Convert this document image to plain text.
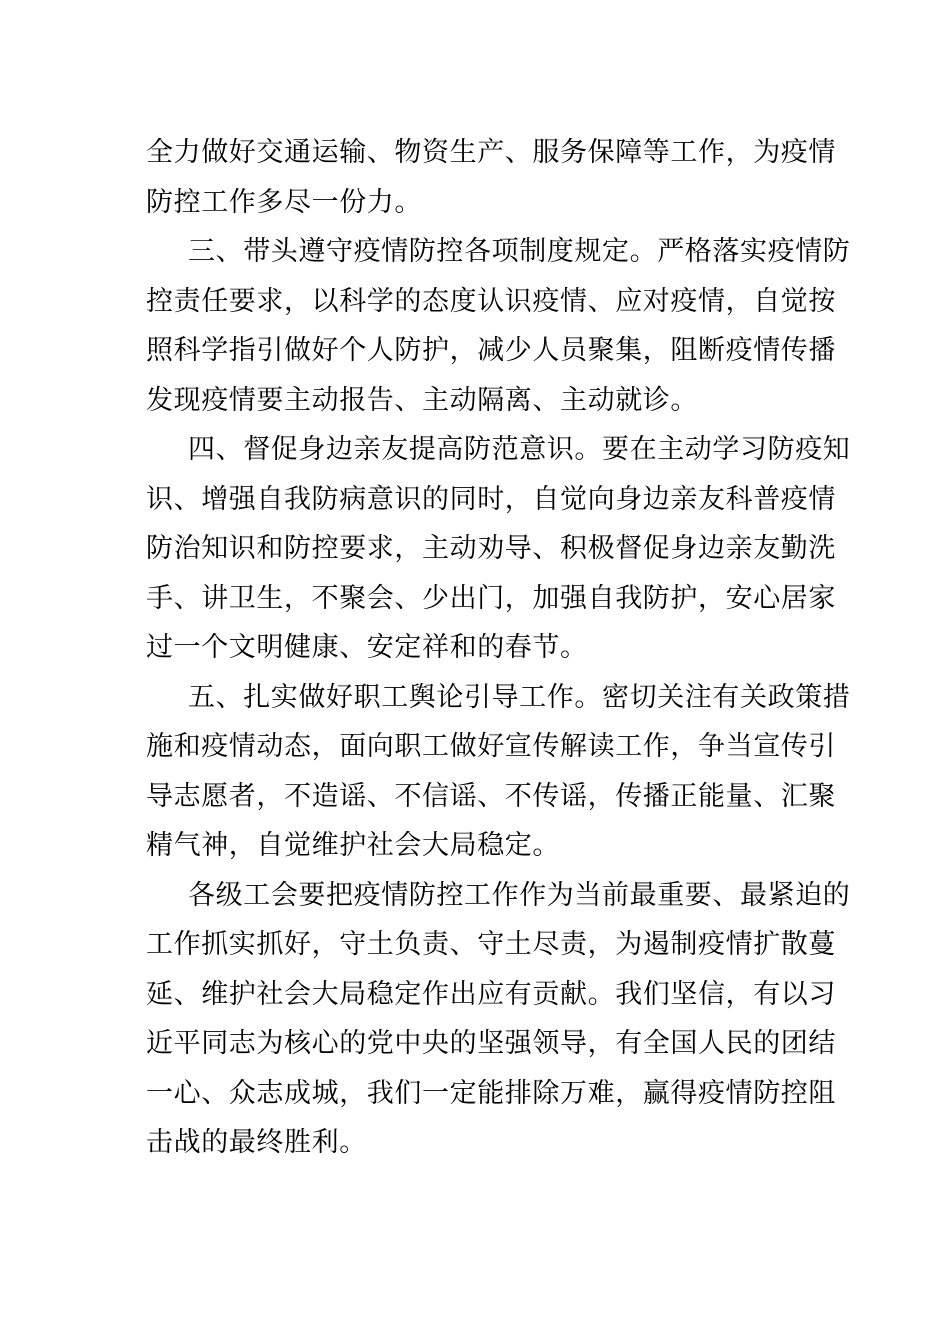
全力做好交通运输、物资生产、服务保障等工作，为疫情
防控工作多尽一份力。
三、带头遵守疫情防控各项制度规定。严格落实疫情防
控责任要求，以科学的态度认识疫情、应对疫情，自觉按
照科学指引做好个人防护，减少人员聚集，阻断疫情传播
发现疫情要主动报告、主动隔离、主动就诊。
四、督促身边亲友提高防范意识。要在主动学习防疫知
识、增强自我防病意识的同时，自觉向身边亲友科普疫情
防治知识和防控要求，主动劝导、积极督促身边亲友勤洗
手、讲卫生，不聚会、少出门，加强自我防护，安心居家
过一个文明健康、安定祥和的春节。
五、扎实做好职工舆论引导工作。密切关注有关政策措
施和疫情动态，面向职工做好宣传解读工作，争当宣传引
导志愿者，不造谣、不信谣、不传谣，传播正能量、汇聚
精气神，自觉维护社会大局稳定。
各级工会要把疫情防控工作作为当前最重要、最紧迫的
工作抓实抓好，守土负责、守土尽责，为遏制疫情扩散蔓
延、维护社会大局稳定作出应有贡献。我们坚信，有以习
近平同志为核心的党中央的坚强领导，有全国人民的团结
一心、众志成城，我们一定能排除万难，赢得疫情防控阻
击战的最终胜利。
